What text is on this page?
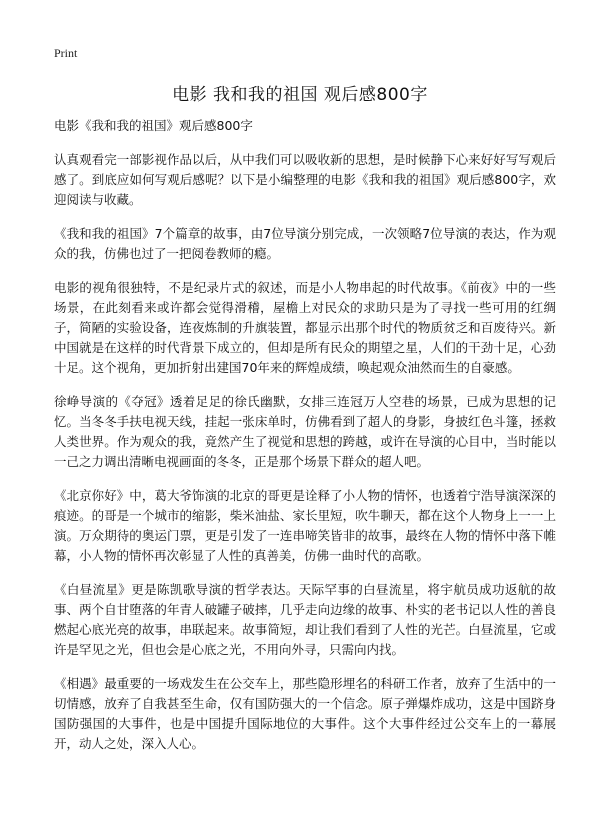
Print
电影 我和我的祖国 观后感800字

电影《我和我的祖国》观后感800字

认真观看完一部影视作品以后，从中我们可以吸收新的思想，是时候静下心来好好写写观后感了。到底应如何写观后感呢？以下是小编整理的电影《我和我的祖国》观后感800字，欢迎阅读与收藏。

《我和我的祖国》7个篇章的故事，由7位导演分别完成，一次领略7位导演的表达，作为观众的我，仿佛也过了一把阅卷教师的瘾。

电影的视角很独特，不是纪录片式的叙述，而是小人物串起的时代故事。《前夜》中的一些场景，在此刻看来或许都会觉得滑稽，屋檐上对民众的求助只是为了寻找一些可用的红绸子，简陋的实验设备，连夜炼制的升旗装置，都显示出那个时代的物质贫乏和百废待兴。新中国就是在这样的时代背景下成立的，但却是所有民众的期望之星，人们的干劲十足，心劲十足。这个视角，更加折射出建国70年来的辉煌成绩，唤起观众油然而生的自豪感。

徐峥导演的《夺冠》透着足足的徐氏幽默，女排三连冠万人空巷的场景，已成为思想的记忆。当冬冬手扶电视天线，挂起一张床单时，仿佛看到了超人的身影，身披红色斗篷，拯救人类世界。作为观众的我，竟然产生了视觉和思想的跨越，或许在导演的心目中，当时能以一己之力调出清晰电视画面的冬冬，正是那个场景下群众的超人吧。

《北京你好》中，葛大爷饰演的北京的哥更是诠释了小人物的情怀，也透着宁浩导演深深的痕迹。的哥是一个城市的缩影，柴米油盐、家长里短，吹牛聊天，都在这个人物身上一一上演。万众期待的奥运门票，更是引发了一连串啼笑皆非的故事，最终在人物的情怀中落下帷幕，小人物的情怀再次彰显了人性的真善美，仿佛一曲时代的高歌。

《白昼流星》更是陈凯歌导演的哲学表达。天际罕事的白昼流星，将宇航员成功返航的故事、两个自甘堕落的年青人破罐子破摔，几乎走向边缘的故事、朴实的老书记以人性的善良燃起心底光亮的故事，串联起来。故事简短，却让我们看到了人性的光芒。白昼流星，它或许是罕见之光，但也会是心底之光，不用向外寻，只需向内找。

《相遇》最重要的一场戏发生在公交车上，那些隐形埋名的科研工作者，放弃了生活中的一切情感，放弃了自我甚至生命，仅有国防强大的一个信念。原子弹爆炸成功，这是中国跻身国防强国的大事件，也是中国提升国际地位的大事件。这个大事件经过公交车上的一幕展开，动人之处，深入人心。
